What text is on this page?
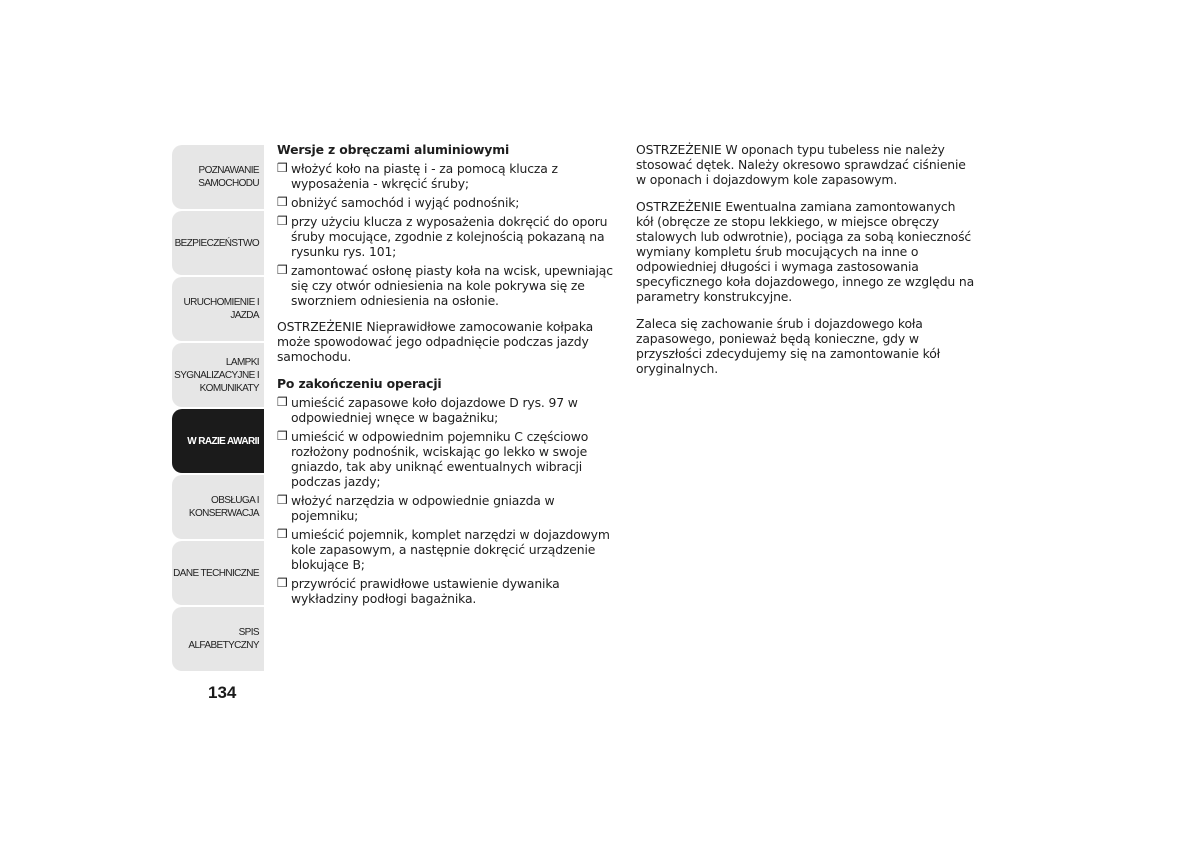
POZNAWANIE
SAMOCHODU
BEZPIECZEŃSTWO
URUCHOMIENIE I
JAZDA
LAMPKI
SYGNALIZACYJNE I
KOMUNIKATY
W RAZIE AWARII
OBSŁUGA I
KONSERWACJA
DANE TECHNICZNE
SPIS ALFABETYCZNY
134
Wersje z obręczami aluminiowymi
❒ włożyć koło na piastę i - za pomocą klucza z wyposażenia - wkręcić śruby;
❒ obniżyć samochód i wyjąć podnośnik;
❒ przy użyciu klucza z wyposażenia dokręcić do oporu śruby mocujące, zgodnie z kolejnością pokazaną na rysunku rys. 101;
❒ zamontować osłonę piasty koła na wcisk, upewniając się czy otwór odniesienia na kole pokrywa się ze sworzniem odniesienia na osłonie.

OSTRZEŻENIE Nieprawidłowe zamocowanie kołpaka może spowodować jego odpadnięcie podczas jazdy samochodu.

Po zakończeniu operacji
❒ umieścić zapasowe koło dojazdowe D rys. 97 w odpowiedniej wnęce w bagażniku;
❒ umieścić w odpowiednim pojemniku C częściowo rozłożony podnośnik, wciskając go lekko w swoje gniazdo, tak aby uniknąć ewentualnych wibracji podczas jazdy;
❒ włożyć narzędzia w odpowiednie gniazda w pojemniku;
❒ umieścić pojemnik, komplet narzędzi w dojazdowym kole zapasowym, a następnie dokręcić urządzenie blokujące B;
❒ przywrócić prawidłowe ustawienie dywanika wykładziny podłogi bagażnika.

OSTRZEŻENIE W oponach typu tubeless nie należy stosować dętek. Należy okresowo sprawdzać ciśnienie w oponach i dojazdowym kole zapasowym.

OSTRZEŻENIE Ewentualna zamiana zamontowanych kół (obręcze ze stopu lekkiego, w miejsce obręczy stalowych lub odwrotnie), pociąga za sobą konieczność wymiany kompletu śrub mocujących na inne o odpowiedniej długości i wymaga zastosowania specyficznego koła dojazdowego, innego ze względu na parametry konstrukcyjne.

Zaleca się zachowanie śrub i dojazdowego koła zapasowego, ponieważ będą konieczne, gdy w przyszłości zdecydujemy się na zamontowanie kół oryginalnych.
